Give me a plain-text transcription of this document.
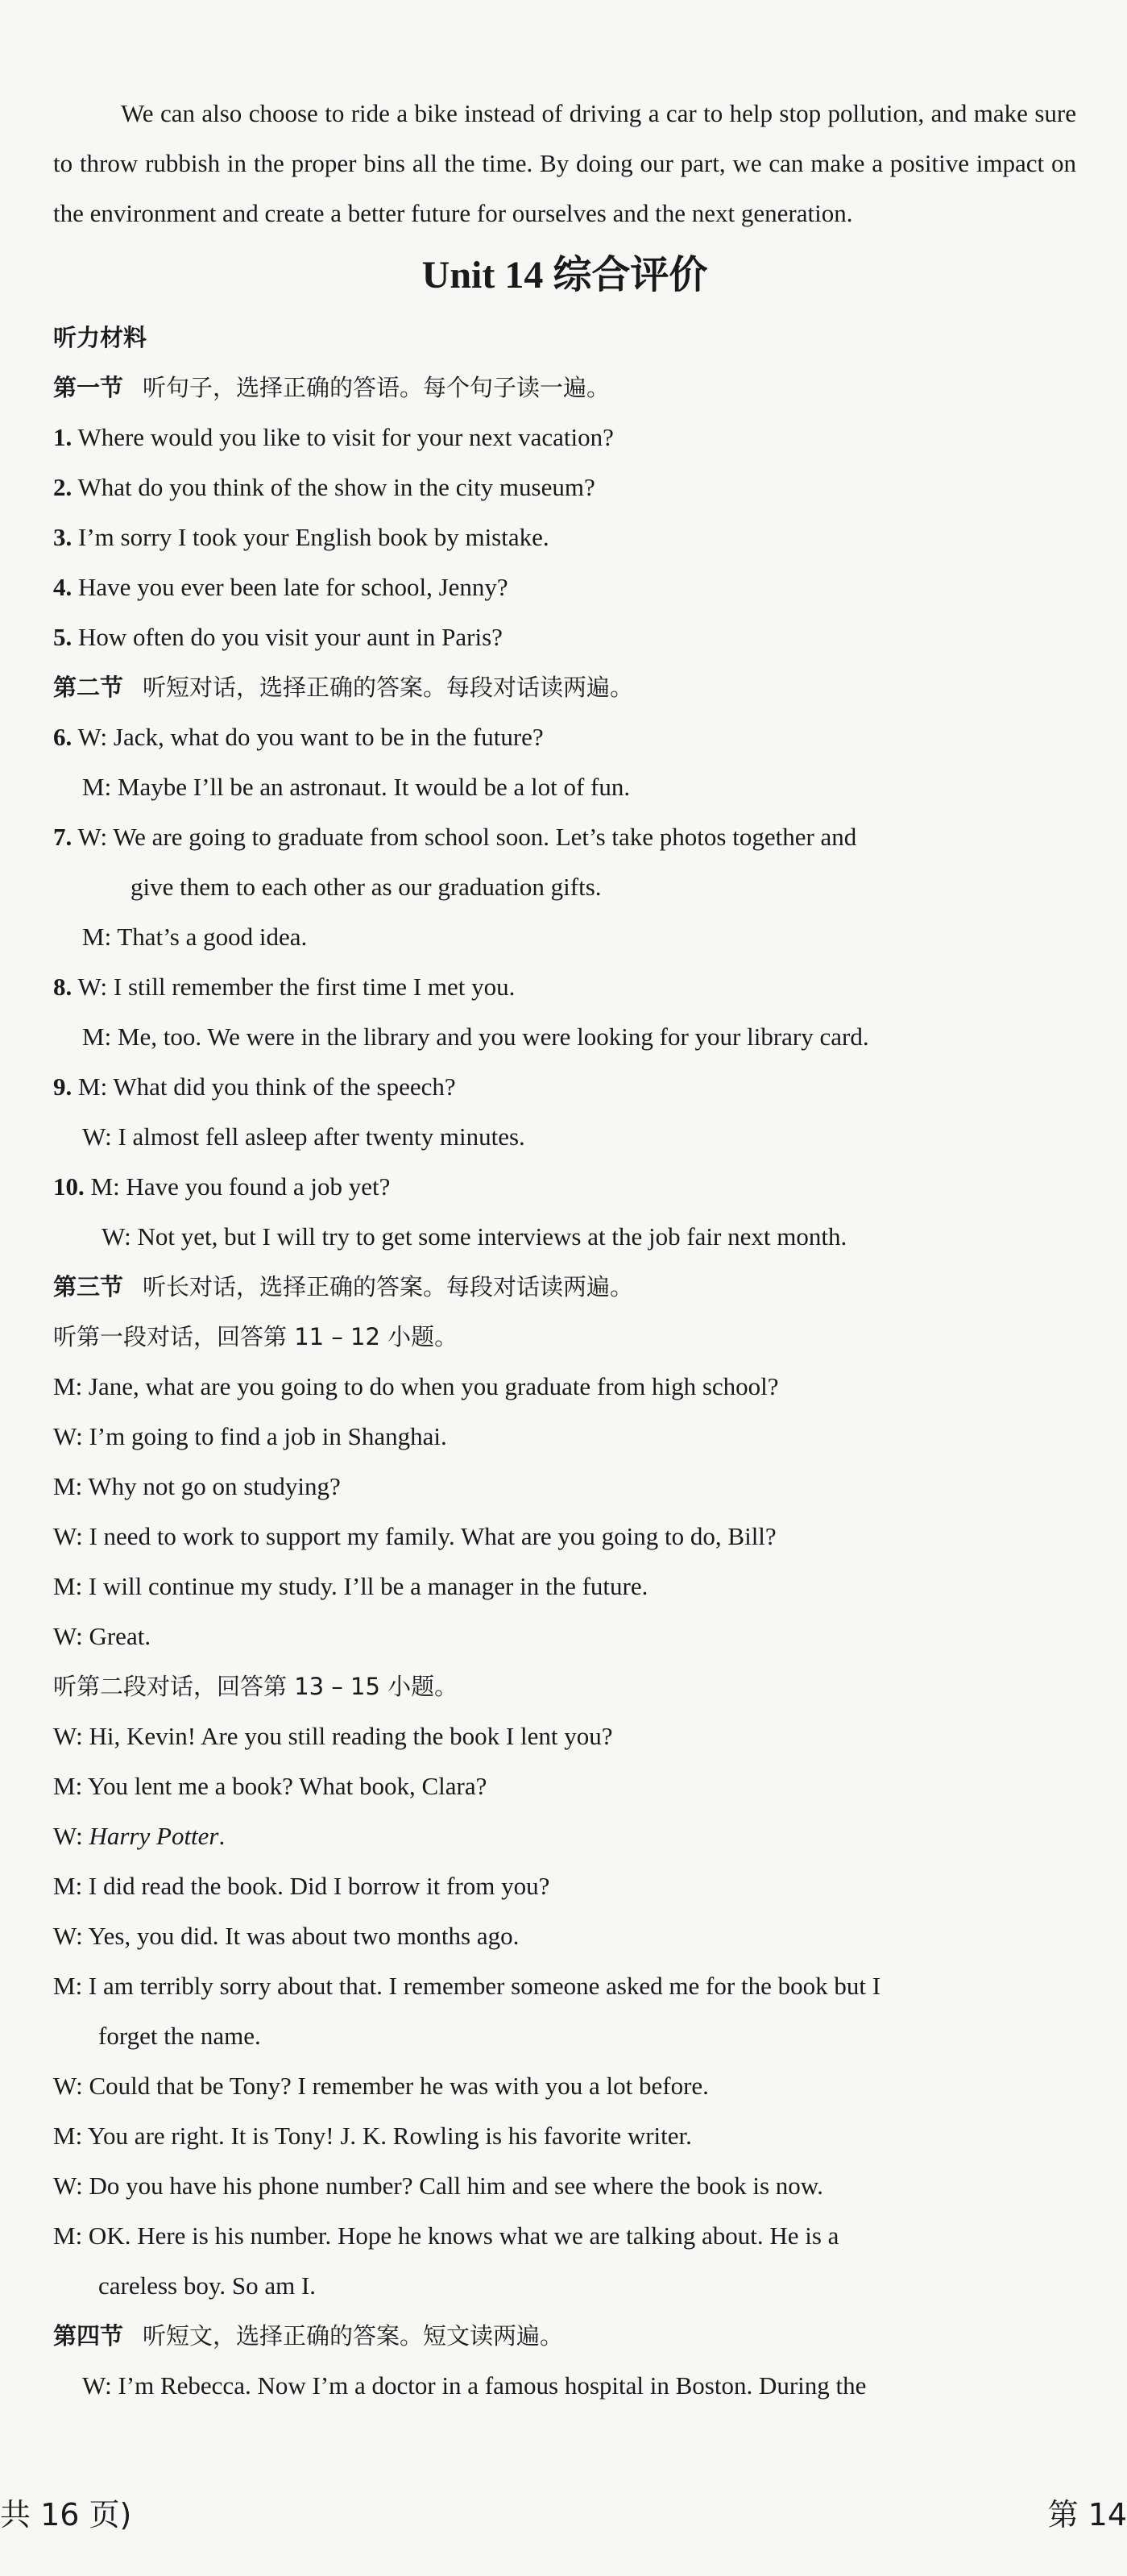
We can also choose to ride a bike instead of driving a car to help stop pollution, and make sure to throw rubbish in the proper bins all the time. By doing our part, we can make a positive impact on the environment and create a better future for ourselves and the next generation.
Unit 14 综合评价
听力材料
第一节 听句子，选择正确的答语。每个句子读一遍。
1. Where would you like to visit for your next vacation?
2. What do you think of the show in the city museum?
3. I’m sorry I took your English book by mistake.
4. Have you ever been late for school, Jenny?
5. How often do you visit your aunt in Paris?
第二节 听短对话，选择正确的答案。每段对话读两遍。
6. W: Jack, what do you want to be in the future?
M: Maybe I’ll be an astronaut. It would be a lot of fun.
7. W: We are going to graduate from school soon. Let’s take photos together and
give them to each other as our graduation gifts.
M: That’s a good idea.
8. W: I still remember the first time I met you.
M: Me, too. We were in the library and you were looking for your library card.
9. M: What did you think of the speech?
W: I almost fell asleep after twenty minutes.
10. M: Have you found a job yet?
W: Not yet, but I will try to get some interviews at the job fair next month.
第三节 听长对话，选择正确的答案。每段对话读两遍。
听第一段对话，回答第 11 – 12 小题。
M: Jane, what are you going to do when you graduate from high school?
W: I’m going to find a job in Shanghai.
M: Why not go on studying?
W: I need to work to support my family. What are you going to do, Bill?
M: I will continue my study. I’ll be a manager in the future.
W: Great.
听第二段对话，回答第 13 – 15 小题。
W: Hi, Kevin! Are you still reading the book I lent you?
M: You lent me a book? What book, Clara?
W: Harry Potter.
M: I did read the book. Did I borrow it from you?
W: Yes, you did. It was about two months ago.
M: I am terribly sorry about that. I remember someone asked me for the book but I
forget the name.
W: Could that be Tony? I remember he was with you a lot before.
M: You are right. It is Tony! J. K. Rowling is his favorite writer.
W: Do you have his phone number? Call him and see where the book is now.
M: OK. Here is his number. Hope he knows what we are talking about. He is a
careless boy. So am I.
第四节 听短文，选择正确的答案。短文读两遍。
W: I’m Rebecca. Now I’m a doctor in a famous hospital in Boston. During the
共 16 页)	第 14
